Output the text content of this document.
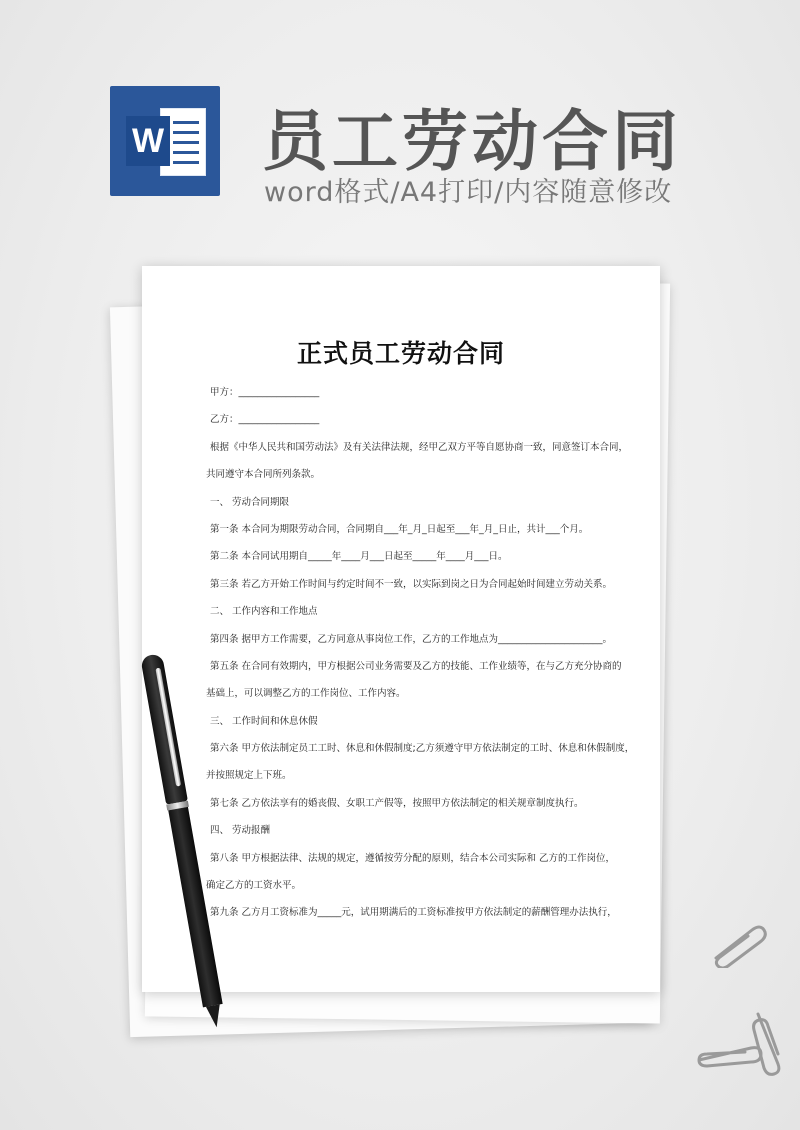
W 员工劳动合同

word格式/A4打印/内容随意修改

正式员工劳动合同
甲方：_________________
乙方：_________________
根据《中华人民共和国劳动法》及有关法律法规，经甲乙双方平等自愿协商一致，同意签订本合同，
共同遵守本合同所列条款。
一、 劳动合同期限
第一条 本合同为期限劳动合同，合同期自___年_月_日起至___年_月_日止，共计___个月。
第二条 本合同试用期自_____年____月___日起至_____年____月___日。
第三条 若乙方开始工作时间与约定时间不一致，以实际到岗之日为合同起始时间建立劳动关系。
二、 工作内容和工作地点
第四条 据甲方工作需要，乙方同意从事岗位工作，乙方的工作地点为______________________。
第五条 在合同有效期内，甲方根据公司业务需要及乙方的技能、工作业绩等，在与乙方充分协商的
基础上，可以调整乙方的工作岗位、工作内容。
三、 工作时间和休息休假
第六条 甲方依法制定员工工时、休息和休假制度;乙方须遵守甲方依法制定的工时、休息和休假制度，
并按照规定上下班。
第七条 乙方依法享有的婚丧假、女职工产假等，按照甲方依法制定的相关规章制度执行。
四、 劳动报酬
第八条 甲方根据法律、法规的规定，遵循按劳分配的原则，结合本公司实际和 乙方的工作岗位，
确定乙方的工资水平。
第九条 乙方月工资标准为_____元，试用期满后的工资标准按甲方依法制定的薪酬管理办法执行，
